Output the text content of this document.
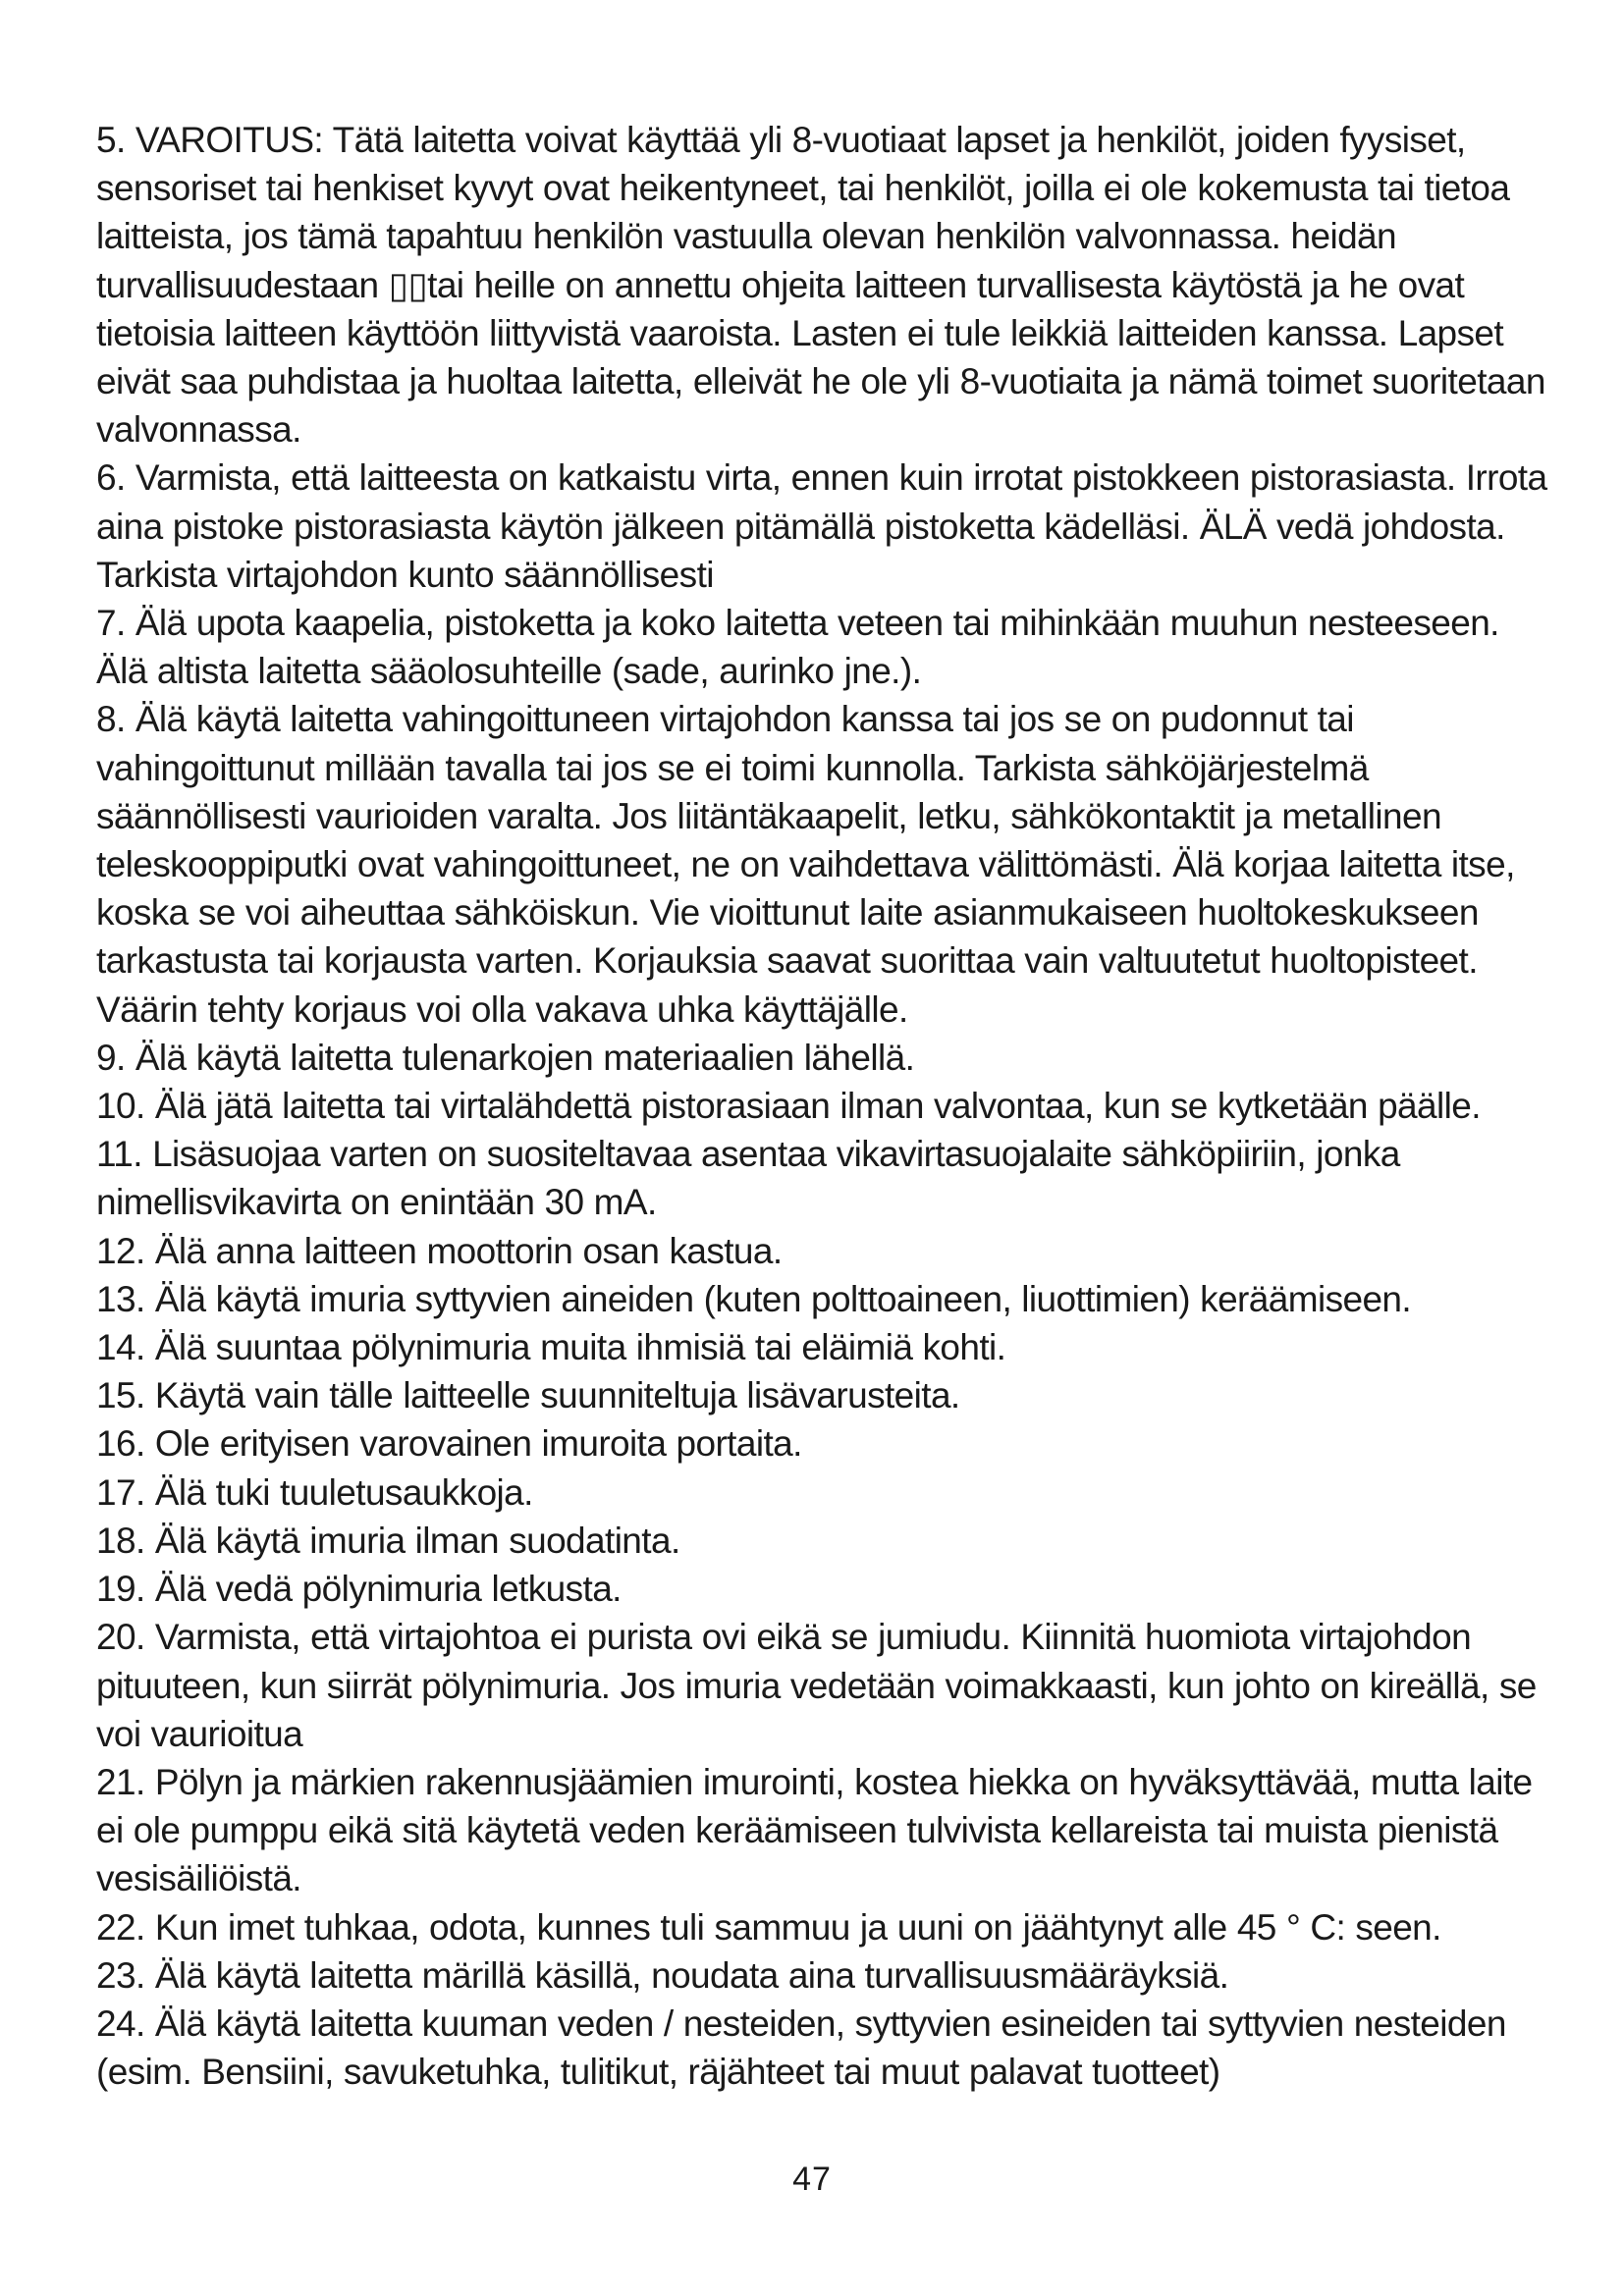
5. VAROITUS: Tätä laitetta voivat käyttää yli 8-vuotiaat lapset ja henkilöt, joiden fyysiset, sensoriset tai henkiset kyvyt ovat heikentyneet, tai henkilöt, joilla ei ole kokemusta tai tietoa laitteista, jos tämä tapahtuu henkilön vastuulla olevan henkilön valvonnassa. heidän turvallisuudestaan ▯▯tai heille on annettu ohjeita laitteen turvallisesta käytöstä ja he ovat tietoisia laitteen käyttöön liittyvistä vaaroista. Lasten ei tule leikkiä laitteiden kanssa. Lapset eivät saa puhdistaa ja huoltaa laitetta, elleivät he ole yli 8-vuotiaita ja nämä toimet suoritetaan valvonnassa.

6. Varmista, että laitteesta on katkaistu virta, ennen kuin irrotat pistokkeen pistorasiasta. Irrota aina pistoke pistorasiasta käytön jälkeen pitämällä pistoketta kädelläsi. ÄLÄ vedä johdosta. Tarkista virtajohdon kunto säännöllisesti

7. Älä upota kaapelia, pistoketta ja koko laitetta veteen tai mihinkään muuhun nesteeseen. Älä altista laitetta sääolosuhteille (sade, aurinko jne.).

8. Älä käytä laitetta vahingoittuneen virtajohdon kanssa tai jos se on pudonnut tai vahingoittunut millään tavalla tai jos se ei toimi kunnolla. Tarkista sähköjärjestelmä säännöllisesti vaurioiden varalta. Jos liitäntäkaapelit, letku, sähkökontaktit ja metallinen teleskooppiputki ovat vahingoittuneet, ne on vaihdettava välittömästi. Älä korjaa laitetta itse, koska se voi aiheuttaa sähköiskun. Vie vioittunut laite asianmukaiseen huoltokeskukseen tarkastusta tai korjausta varten. Korjauksia saavat suorittaa vain valtuutetut huoltopisteet. Väärin tehty korjaus voi olla vakava uhka käyttäjälle.

9. Älä käytä laitetta tulenarkojen materiaalien lähellä.

10. Älä jätä laitetta tai virtalähdettä pistorasiaan ilman valvontaa, kun se kytketään päälle.

11. Lisäsuojaa varten on suositeltavaa asentaa vikavirtasuojalaite sähköpiiriin, jonka nimellisvikavirta on enintään 30 mA.

12. Älä anna laitteen moottorin osan kastua.

13. Älä käytä imuria syttyvien aineiden (kuten polttoaineen, liuottimien) keräämiseen.

14. Älä suuntaa pölynimuria muita ihmisiä tai eläimiä kohti.

15. Käytä vain tälle laitteelle suunniteltuja lisävarusteita.

16. Ole erityisen varovainen imuroita portaita.

17. Älä tuki tuuletusaukkoja.

18. Älä käytä imuria ilman suodatinta.

19. Älä vedä pölynimuria letkusta.

20. Varmista, että virtajohtoa ei purista ovi eikä se jumiudu. Kiinnitä huomiota virtajohdon pituuteen, kun siirrät pölynimuria. Jos imuria vedetään voimakkaasti, kun johto on kireällä, se voi vaurioitua

21. Pölyn ja märkien rakennusjäämien imurointi, kostea hiekka on hyväksyttävää, mutta laite ei ole pumppu eikä sitä käytetä veden keräämiseen tulvivista kellareista tai muista pienistä vesisäiliöistä.

22. Kun imet tuhkaa, odota, kunnes tuli sammuu ja uuni on jäähtynyt alle 45 ° C: seen.

23. Älä käytä laitetta märillä käsillä, noudata aina turvallisuusmääräyksiä.

24. Älä käytä laitetta kuuman veden / nesteiden, syttyvien esineiden tai syttyvien nesteiden (esim. Bensiini, savuketuhka, tulitikut, räjähteet tai muut palavat tuotteet)

47
